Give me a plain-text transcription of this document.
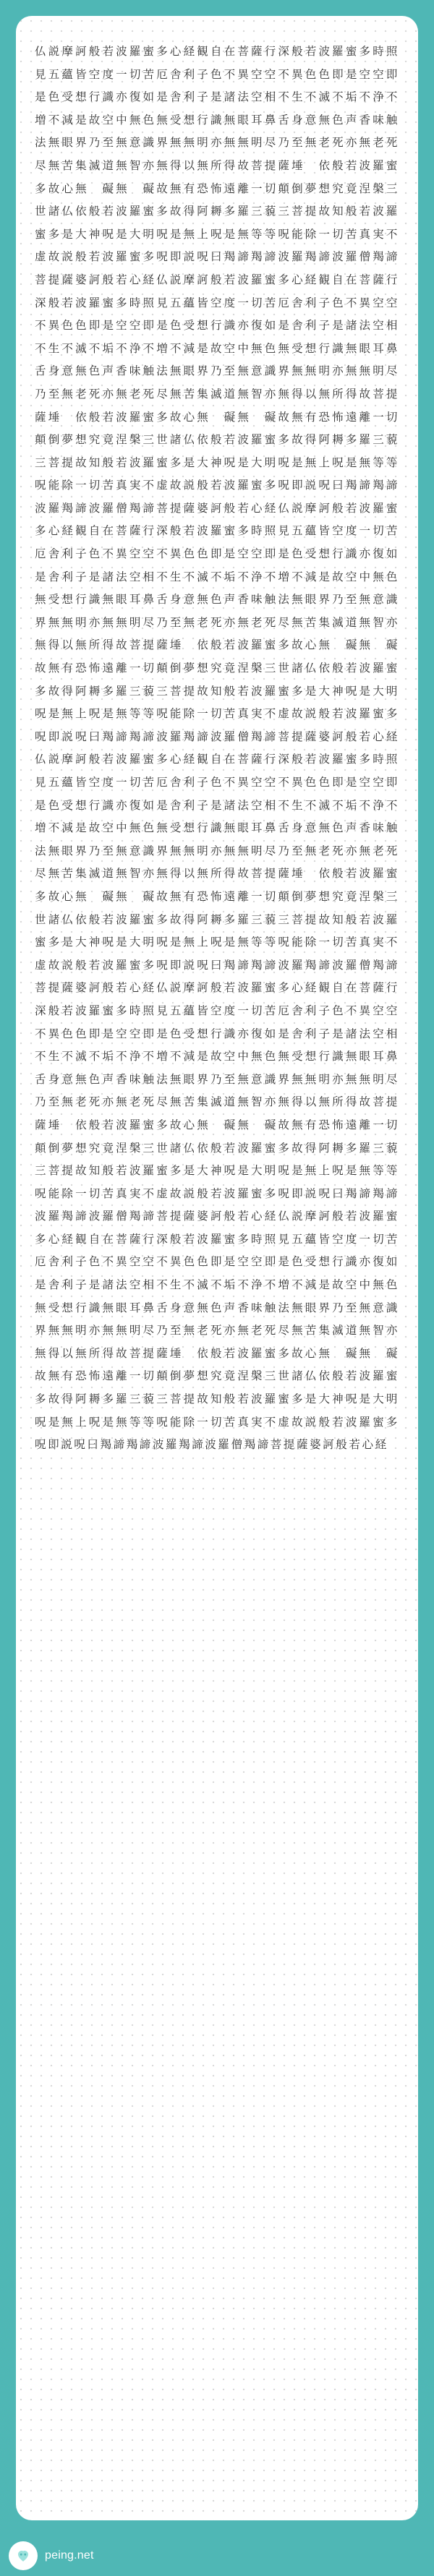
仏説摩訶般若波羅蜜多心経観自在菩薩行深般若波羅蜜多時照見五蘊皆空度一切苦厄舎利子色不異空空不異色色即是空空即是色受想行識亦復如是舎利子是諸法空相不生不滅不垢不浄不増不減是故空中無色無受想行識無眼耳鼻舌身意無色声香味触法無眼界乃至無意識界無無明亦無無明尽乃至無老死亦無老死尽無苦集滅道無智亦無得以無所得故菩提薩埵　依般若波羅蜜多故心無　礙無　礙故無有恐怖遠離一切顛倒夢想究竟涅槃三世諸仏依般若波羅蜜多故得阿耨多羅三藐三菩提故知般若波羅蜜多是大神呪是大明呪是無上呪是無等等呪能除一切苦真実不虚故説般若波羅蜜多呪即説呪曰羯諦羯諦波羅羯諦波羅僧羯諦菩提薩婆訶般若心経仏説摩訶般若波羅蜜多心経観自在菩薩行深般若波羅蜜多時照見五蘊皆空度一切苦厄舎利子色不異空空不異色色即是空空即是色受想行識亦復如是舎利子是諸法空相不生不滅不垢不浄不増不減是故空中無色無受想行識無眼耳鼻舌身意無色声香味触法無眼界乃至無意識界無無明亦無無明尽乃至無老死亦無老死尽無苦集滅道無智亦無得以無所得故菩提薩埵　依般若波羅蜜多故心無　礙無　礙故無有恐怖遠離一切顛倒夢想究竟涅槃三世諸仏依般若波羅蜜多故得阿耨多羅三藐三菩提故知般若波羅蜜多是大神呪是大明呪是無上呪是無等等呪能除一切苦真実不虚故説般若波羅蜜多呪即説呪曰羯諦羯諦波羅羯諦波羅僧羯諦菩提薩婆訶般若心経仏説摩訶般若波羅蜜多心経観自在菩薩行深般若波羅蜜多時照見五蘊皆空度一切苦厄舎利子色不異空空不異色色即是空空即是色受想行識亦復如是舎利子是諸法空相不生不滅不垢不浄不増不減是故空中無色無受想行識無眼耳鼻舌身意無色声香味触法無眼界乃至無意識界無無明亦無無明尽乃至無老死亦無老死尽無苦集滅道無智亦無得以無所得故菩提薩埵　依般若波羅蜜多故心無　礙無　礙故無有恐怖遠離一切顛倒夢想究竟涅槃三世諸仏依般若波羅蜜多故得阿耨多羅三藐三菩提故知般若波羅蜜多是大神呪是大明呪是無上呪是無等等呪能除一切苦真実不虚故説般若波羅蜜多呪即説呪曰羯諦羯諦波羅羯諦波羅僧羯諦菩提薩婆訶般若心経仏説摩訶般若波羅蜜多心経観自在菩薩行深般若波羅蜜多時照見五蘊皆空度一切苦厄舎利子色不異空空不異色色即是空空即是色受想行識亦復如是舎利子是諸法空相不生不滅不垢不浄不増不減是故空中無色無受想行識無眼耳鼻舌身意無色声香味触法無眼界乃至無意識界無無明亦無無明尽乃至無老死亦無老死尽無苦集滅道無智亦無得以無所得故菩提薩埵　依般若波羅蜜多故心無　礙無　礙故無有恐怖遠離一切顛倒夢想究竟涅槃三世諸仏依般若波羅蜜多故得阿耨多羅三藐三菩提故知般若波羅蜜多是大神呪是大明呪是無上呪是無等等呪能除一切苦真実不虚故説般若波羅蜜多呪即説呪曰羯諦羯諦波羅羯諦波羅僧羯諦菩提薩婆訶般若心経仏説摩訶般若波羅蜜多心経観自在菩薩行深般若波羅蜜多時照見五蘊皆空度一切苦厄舎利子色不異空空不異色色即是空空即是色受想行識亦復如是舎利子是諸法空相不生不滅不垢不浄不増不減是故空中無色無受想行識無眼耳鼻舌身意無色声香味触法無眼界乃至無意識界無無明亦無無明尽乃至無老死亦無老死尽無苦集滅道無智亦無得以無所得故菩提薩埵　依般若波羅蜜多故心無　礙無　礙故無有恐怖遠離一切顛倒夢想究竟涅槃三世諸仏依般若波羅蜜多故得阿耨多羅三藐三菩提故知般若波羅蜜多是大神呪是大明呪是無上呪是無等等呪能除一切苦真実不虚故説般若波羅蜜多呪即説呪曰羯諦羯諦波羅羯諦波羅僧羯諦菩提薩婆訶般若心経仏説摩訶般若波羅蜜多心経観自在菩薩行深般若波羅蜜多時照見五蘊皆空度一切苦厄舎利子色不異空空不異色色即是空空即是色受想行識亦復如是舎利子是諸法空相不生不滅不垢不浄不増不減是故空中無色無受想行識無眼耳鼻舌身意無色声香味触法無眼界乃至無意識界無無明亦無無明尽乃至無老死亦無老死尽無苦集滅道無智亦無得以無所得故菩提薩埵　依般若波羅蜜多故心無　礙無　礙故無有恐怖遠離一切顛倒夢想究竟涅槃三世諸仏依般若波羅蜜多故得阿耨多羅三藐三菩提故知般若波羅蜜多是大神呪是大明呪是無上呪是無等等呪能除一切苦真実不虚故説般若波羅蜜多呪即説呪曰羯諦羯諦波羅羯諦波羅僧羯諦菩提薩婆訶般若心経

peing.net
